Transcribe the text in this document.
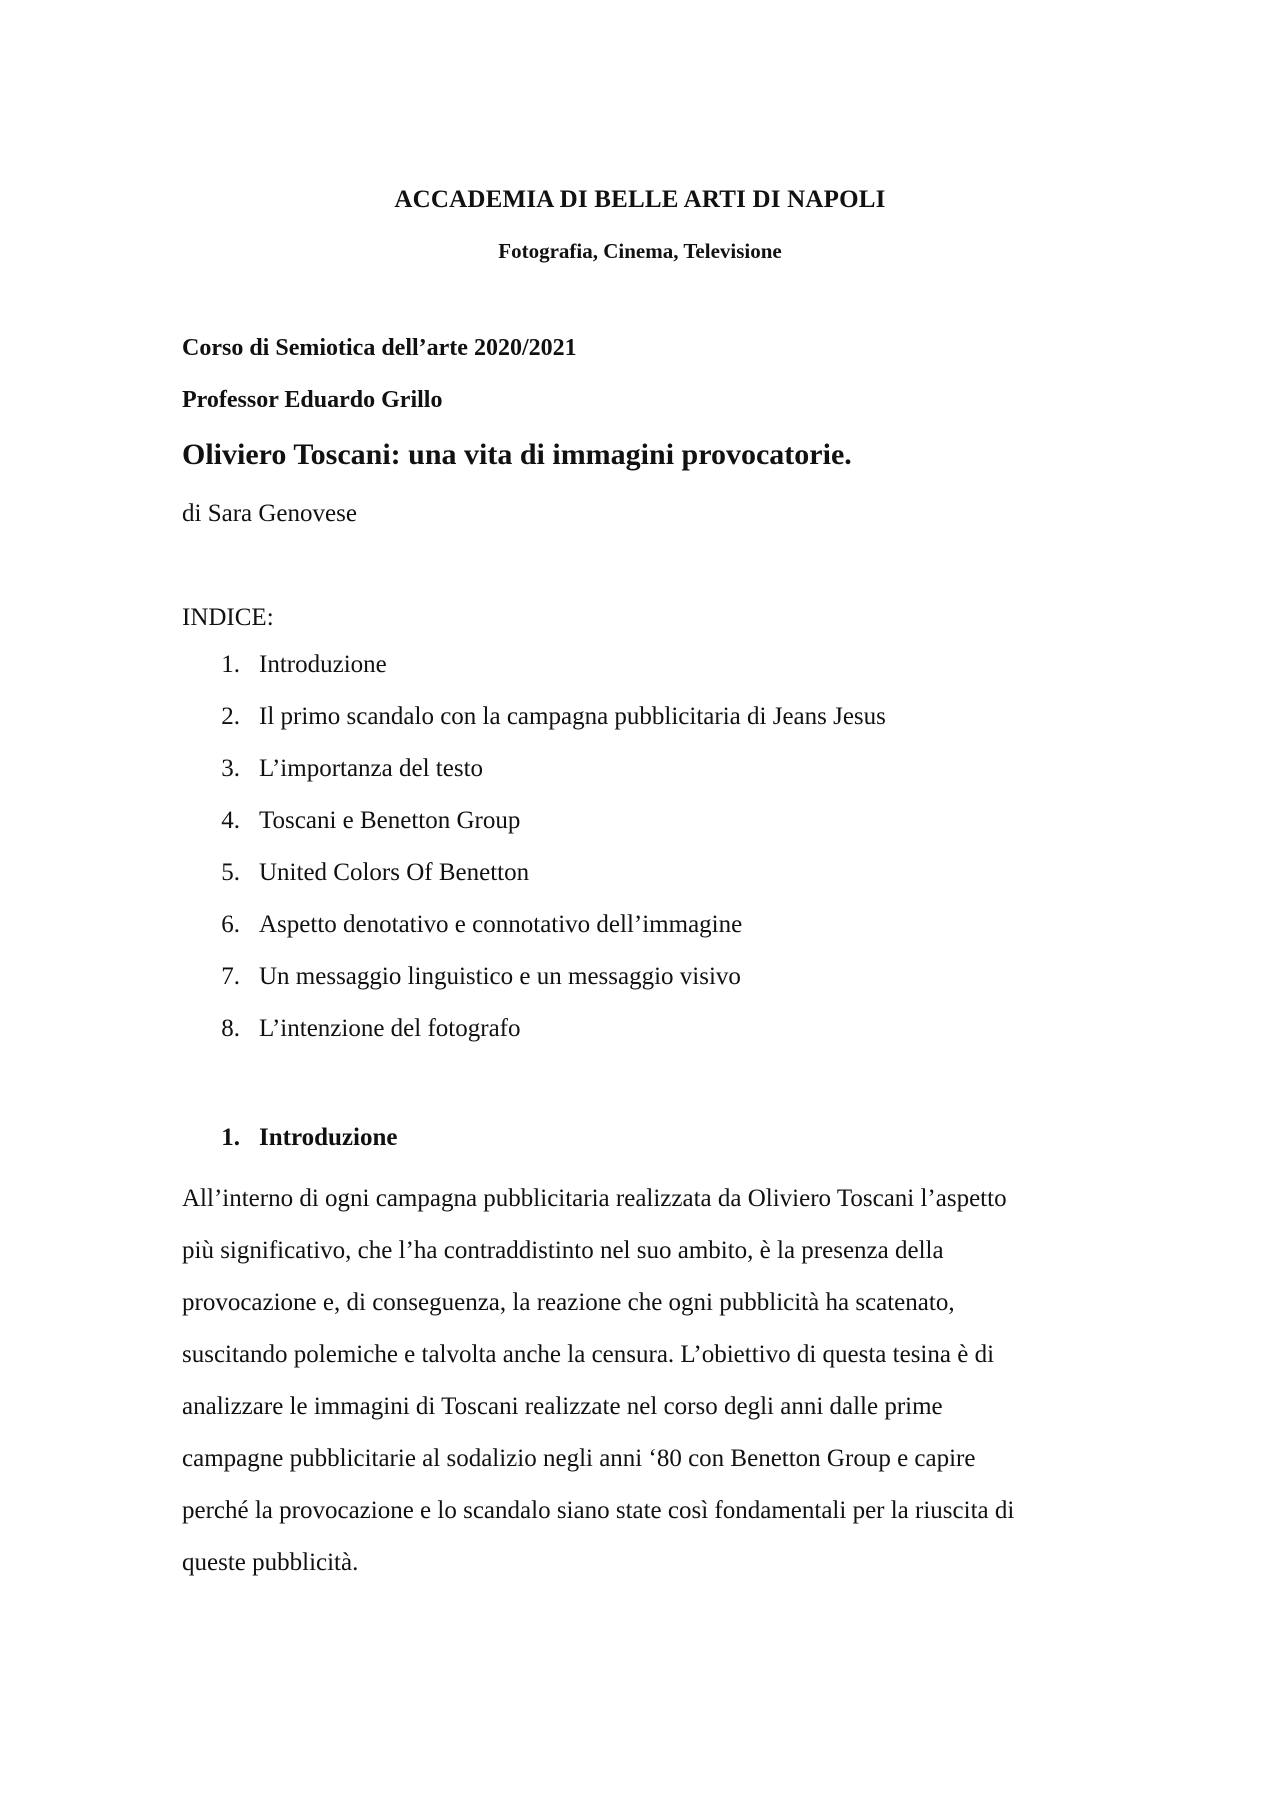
ACCADEMIA DI BELLE ARTI DI NAPOLI

Fotografia, Cinema, Televisione

Corso di Semiotica dell’arte 2020/2021

Professor Eduardo Grillo

Oliviero Toscani: una vita di immagini provocatorie.

di Sara Genovese

INDICE:

1. Introduzione
2. Il primo scandalo con la campagna pubblicitaria di Jeans Jesus
3. L’importanza del testo
4. Toscani e Benetton Group
5. United Colors Of Benetton
6. Aspetto denotativo e connotativo dell’immagine
7. Un messaggio linguistico e un messaggio visivo
8. L’intenzione del fotografo
1. Introduzione

All’interno di ogni campagna pubblicitaria realizzata da Oliviero Toscani l’aspetto
più significativo, che l’ha contraddistinto nel suo ambito, è la presenza della
provocazione e, di conseguenza, la reazione che ogni pubblicità ha scatenato,
suscitando polemiche e talvolta anche la censura. L’obiettivo di questa tesina è di
analizzare le immagini di Toscani realizzate nel corso degli anni dalle prime
campagne pubblicitarie al sodalizio negli anni ‘80 con Benetton Group e capire
perché la provocazione e lo scandalo siano state così fondamentali per la riuscita di
queste pubblicità.
